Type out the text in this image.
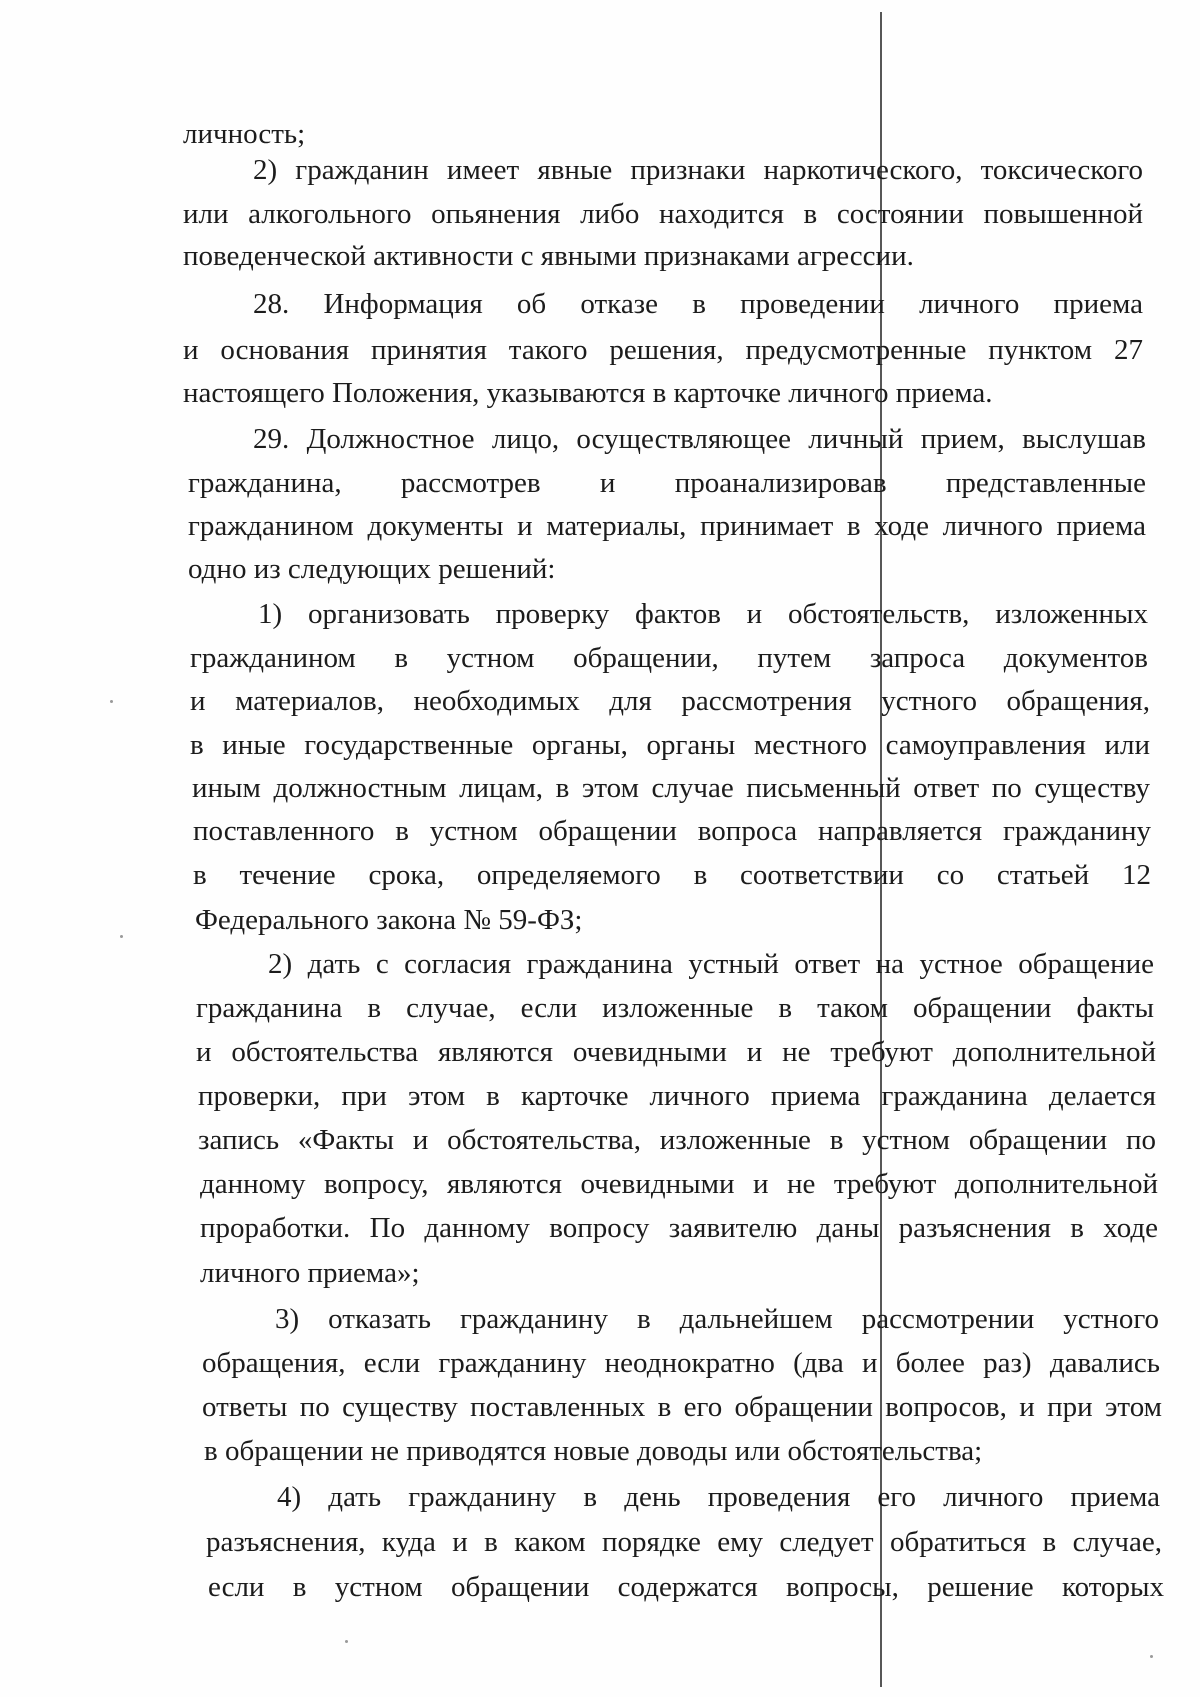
личность;
2) гражданин имеет явные признаки наркотического, токсического
или алкогольного опьянения либо находится в состоянии повышенной
поведенческой активности с явными признаками агрессии.
28. Информация об отказе в проведении личного приема
и основания принятия такого решения, предусмотренные пунктом 27
настоящего Положения, указываются в карточке личного приема.
29. Должностное лицо, осуществляющее личный прием, выслушав
гражданина, рассмотрев и проанализировав представленные
гражданином документы и материалы, принимает в ходе личного приема
одно из следующих решений:
1) организовать проверку фактов и обстоятельств, изложенных
гражданином в устном обращении, путем запроса документов
и материалов, необходимых для рассмотрения устного обращения,
в иные государственные органы, органы местного самоуправления или
иным должностным лицам, в этом случае письменный ответ по существу
поставленного в устном обращении вопроса направляется гражданину
в течение срока, определяемого в соответствии со статьей 12
Федерального закона № 59-ФЗ;
2) дать с согласия гражданина устный ответ на устное обращение
гражданина в случае, если изложенные в таком обращении факты
и обстоятельства являются очевидными и не требуют дополнительной
проверки, при этом в карточке личного приема гражданина делается
запись «Факты и обстоятельства, изложенные в устном обращении по
данному вопросу, являются очевидными и не требуют дополнительной
проработки. По данному вопросу заявителю даны разъяснения в ходе
личного приема»;
3) отказать гражданину в дальнейшем рассмотрении устного
обращения, если гражданину неоднократно (два и более раз) давались
ответы по существу поставленных в его обращении вопросов, и при этом
в обращении не приводятся новые доводы или обстоятельства;
4) дать гражданину в день проведения его личного приема
разъяснения, куда и в каком порядке ему следует обратиться в случае,
если в устном обращении содержатся вопросы, решение которых
